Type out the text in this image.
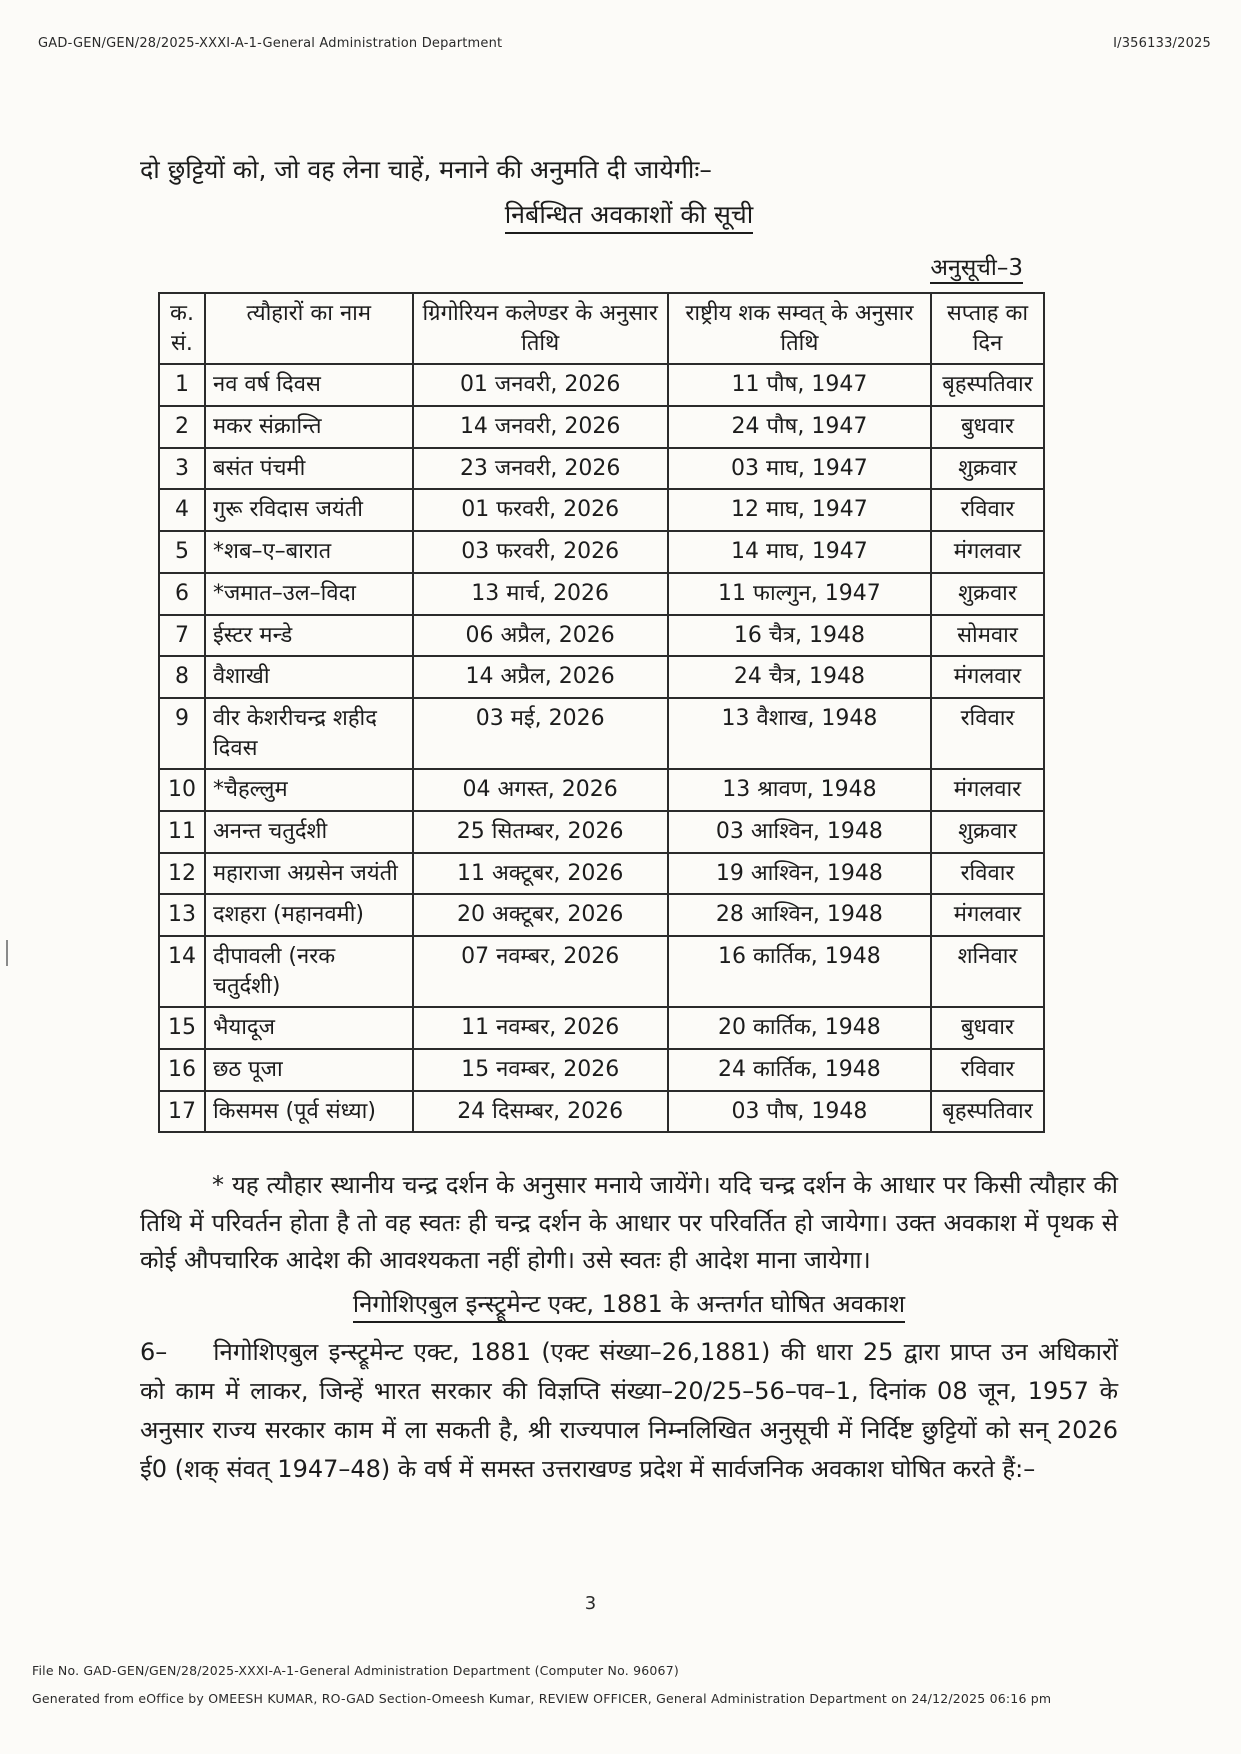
GAD-GEN/GEN/28/2025-XXXI-A-1-General Administration Department	I/356133/2025

दो छुट्टियों को, जो वह लेना चाहें, मनाने की अनुमति दी जायेगीः–

निर्बन्धित अवकाशों की सूची
अनुसूची–3
क. सं.	त्यौहारों का नाम	ग्रिगोरियन कलेण्डर के अनुसार तिथि	राष्ट्रीय शक सम्वत् के अनुसार तिथि	सप्ताह का दिन
1	नव वर्ष दिवस	01 जनवरी, 2026	11 पौष, 1947	बृहस्पतिवार
2	मकर संक्रान्ति	14 जनवरी, 2026	24 पौष, 1947	बुधवार
3	बसंत पंचमी	23 जनवरी, 2026	03 माघ, 1947	शुक्रवार
4	गुरू रविदास जयंती	01 फरवरी, 2026	12 माघ, 1947	रविवार
5	*शब–ए–बारात	03 फरवरी, 2026	14 माघ, 1947	मंगलवार
6	*जमात–उल–विदा	13 मार्च, 2026	11 फाल्गुन, 1947	शुक्रवार
7	ईस्टर मन्डे	06 अप्रैल, 2026	16 चैत्र, 1948	सोमवार
8	वैशाखी	14 अप्रैल, 2026	24 चैत्र, 1948	मंगलवार
9	वीर केशरीचन्द्र शहीद दिवस	03 मई, 2026	13 वैशाख, 1948	रविवार
10	*चैहल्लुम	04 अगस्त, 2026	13 श्रावण, 1948	मंगलवार
11	अनन्त चतुर्दशी	25 सितम्बर, 2026	03 आश्विन, 1948	शुक्रवार
12	महाराजा अग्रसेन जयंती	11 अक्टूबर, 2026	19 आश्विन, 1948	रविवार
13	दशहरा (महानवमी)	20 अक्टूबर, 2026	28 आश्विन, 1948	मंगलवार
14	दीपावली (नरक चतुर्दशी)	07 नवम्बर, 2026	16 कार्तिक, 1948	शनिवार
15	भैयादूज	11 नवम्बर, 2026	20 कार्तिक, 1948	बुधवार
16	छठ पूजा	15 नवम्बर, 2026	24 कार्तिक, 1948	रविवार
17	किसमस (पूर्व संध्या)	24 दिसम्बर, 2026	03 पौष, 1948	बृहस्पतिवार

* यह त्यौहार स्थानीय चन्द्र दर्शन के अनुसार मनाये जायेंगे। यदि चन्द्र दर्शन के आधार पर किसी त्यौहार की तिथि में परिवर्तन होता है तो वह स्वतः ही चन्द्र दर्शन के आधार पर परिवर्तित हो जायेगा। उक्त अवकाश में पृथक से कोई औपचारिक आदेश की आवश्यकता नहीं होगी। उसे स्वतः ही आदेश माना जायेगा।

निगोशिएबुल इन्स्ट्रूमेन्ट एक्ट, 1881 के अन्तर्गत घोषित अवकाश

6– निगोशिएबुल इन्स्ट्रूमेन्ट एक्ट, 1881 (एक्ट संख्या–26,1881) की धारा 25 द्वारा प्राप्त उन अधिकारों को काम में लाकर, जिन्हें भारत सरकार की विज्ञप्ति संख्या–20/25–56–पव–1, दिनांक 08 जून, 1957 के अनुसार राज्य सरकार काम में ला सकती है, श्री राज्यपाल निम्नलिखित अनुसूची में निर्दिष्ट छुट्टियों को सन् 2026 ई0 (शक् संवत् 1947–48) के वर्ष में समस्त उत्तराखण्ड प्रदेश में सार्वजनिक अवकाश घोषित करते हैं:–

3
File No. GAD-GEN/GEN/28/2025-XXXI-A-1-General Administration Department (Computer No. 96067)
Generated from eOffice by OMEESH KUMAR, RO-GAD Section-Omeesh Kumar, REVIEW OFFICER, General Administration Department on 24/12/2025 06:16 pm
